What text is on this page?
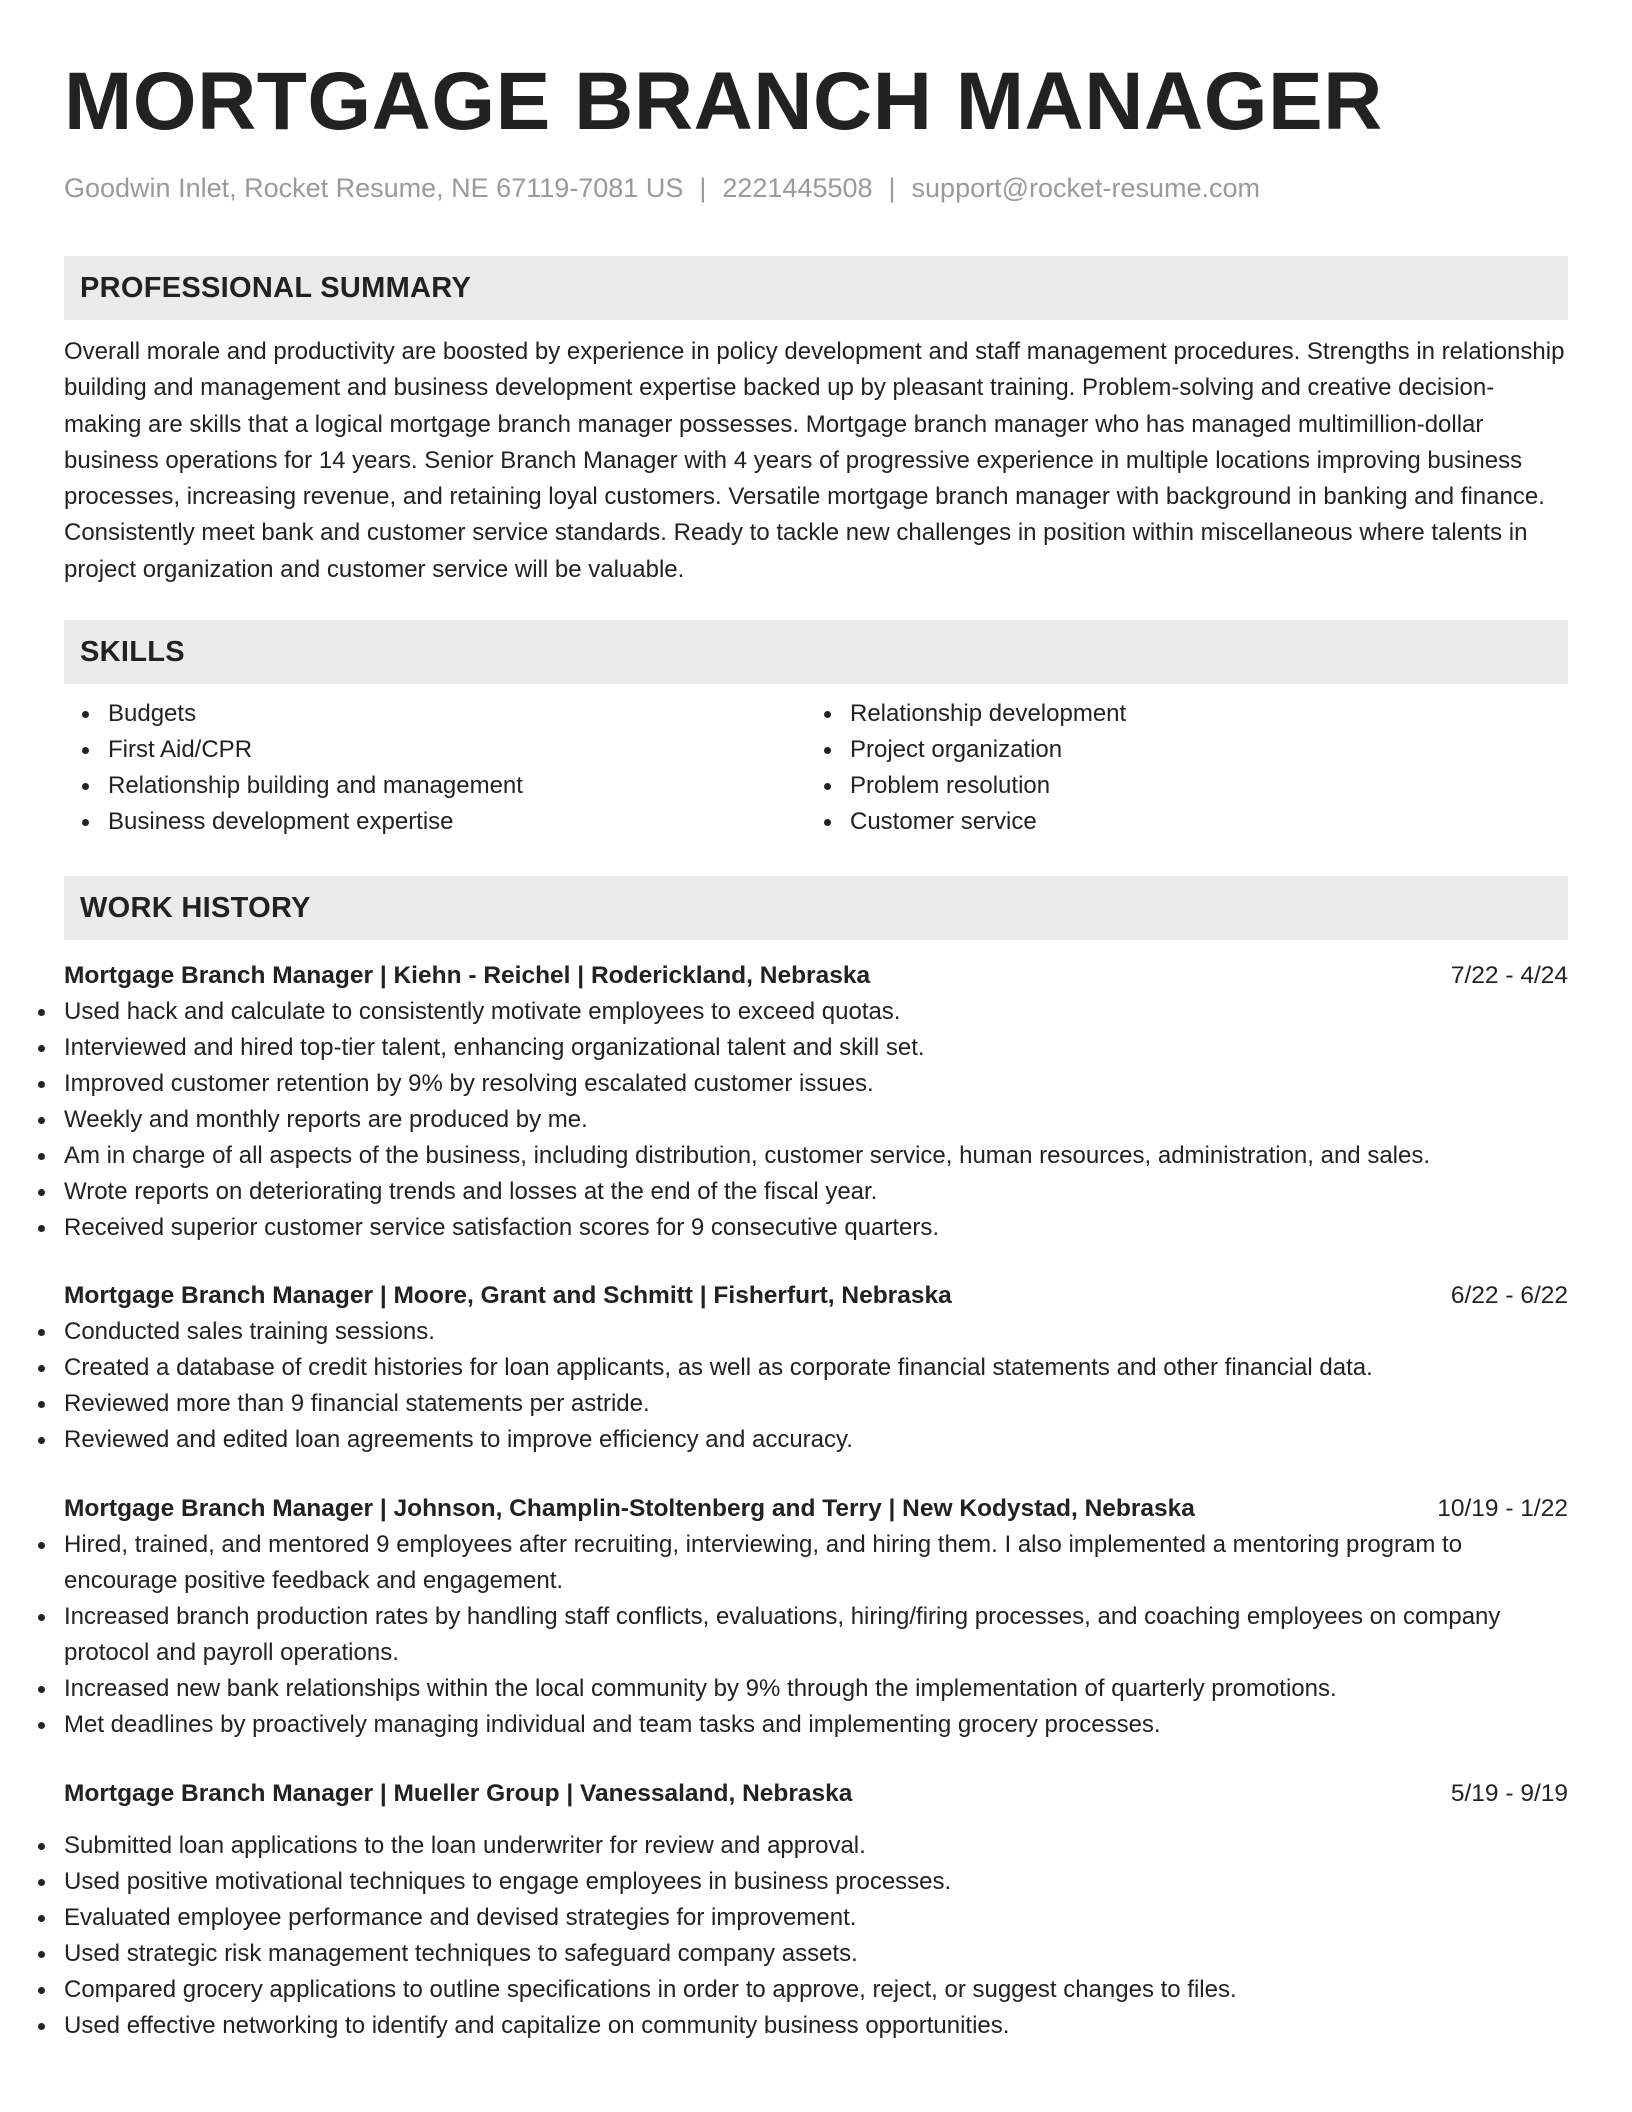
MORTGAGE BRANCH MANAGER
Goodwin Inlet, Rocket Resume, NE 67119-7081 US | 2221445508 | support@rocket-resume.com
PROFESSIONAL SUMMARY

Overall morale and productivity are boosted by experience in policy development and staff management procedures. Strengths in relationship building and management and business development expertise backed up by pleasant training. Problem-solving and creative decision-making are skills that a logical mortgage branch manager possesses. Mortgage branch manager who has managed multimillion-dollar business operations for 14 years. Senior Branch Manager with 4 years of progressive experience in multiple locations improving business processes, increasing revenue, and retaining loyal customers. Versatile mortgage branch manager with background in banking and finance. Consistently meet bank and customer service standards. Ready to tackle new challenges in position within miscellaneous where talents in project organization and customer service will be valuable.

SKILLS
Budgets
First Aid/CPR
Relationship building and management
Business development expertise
Relationship development
Project organization
Problem resolution
Customer service
WORK HISTORY
Mortgage Branch Manager | Kiehn - Reichel | Roderickland, Nebraska	7/22 - 4/24
Used hack and calculate to consistently motivate employees to exceed quotas.
Interviewed and hired top-tier talent, enhancing organizational talent and skill set.
Improved customer retention by 9% by resolving escalated customer issues.
Weekly and monthly reports are produced by me.
Am in charge of all aspects of the business, including distribution, customer service, human resources, administration, and sales.
Wrote reports on deteriorating trends and losses at the end of the fiscal year.
Received superior customer service satisfaction scores for 9 consecutive quarters.
Mortgage Branch Manager | Moore, Grant and Schmitt | Fisherfurt, Nebraska	6/22 - 6/22
Conducted sales training sessions.
Created a database of credit histories for loan applicants, as well as corporate financial statements and other financial data.
Reviewed more than 9 financial statements per astride.
Reviewed and edited loan agreements to improve efficiency and accuracy.
Mortgage Branch Manager | Johnson, Champlin-Stoltenberg and Terry | New Kodystad, Nebraska	10/19 - 1/22
Hired, trained, and mentored 9 employees after recruiting, interviewing, and hiring them. I also implemented a mentoring program to encourage positive feedback and engagement.
Increased branch production rates by handling staff conflicts, evaluations, hiring/firing processes, and coaching employees on company protocol and payroll operations.
Increased new bank relationships within the local community by 9% through the implementation of quarterly promotions.
Met deadlines by proactively managing individual and team tasks and implementing grocery processes.
Mortgage Branch Manager | Mueller Group | Vanessaland, Nebraska	5/19 - 9/19
Submitted loan applications to the loan underwriter for review and approval.
Used positive motivational techniques to engage employees in business processes.
Evaluated employee performance and devised strategies for improvement.
Used strategic risk management techniques to safeguard company assets.
Compared grocery applications to outline specifications in order to approve, reject, or suggest changes to files.
Used effective networking to identify and capitalize on community business opportunities.
